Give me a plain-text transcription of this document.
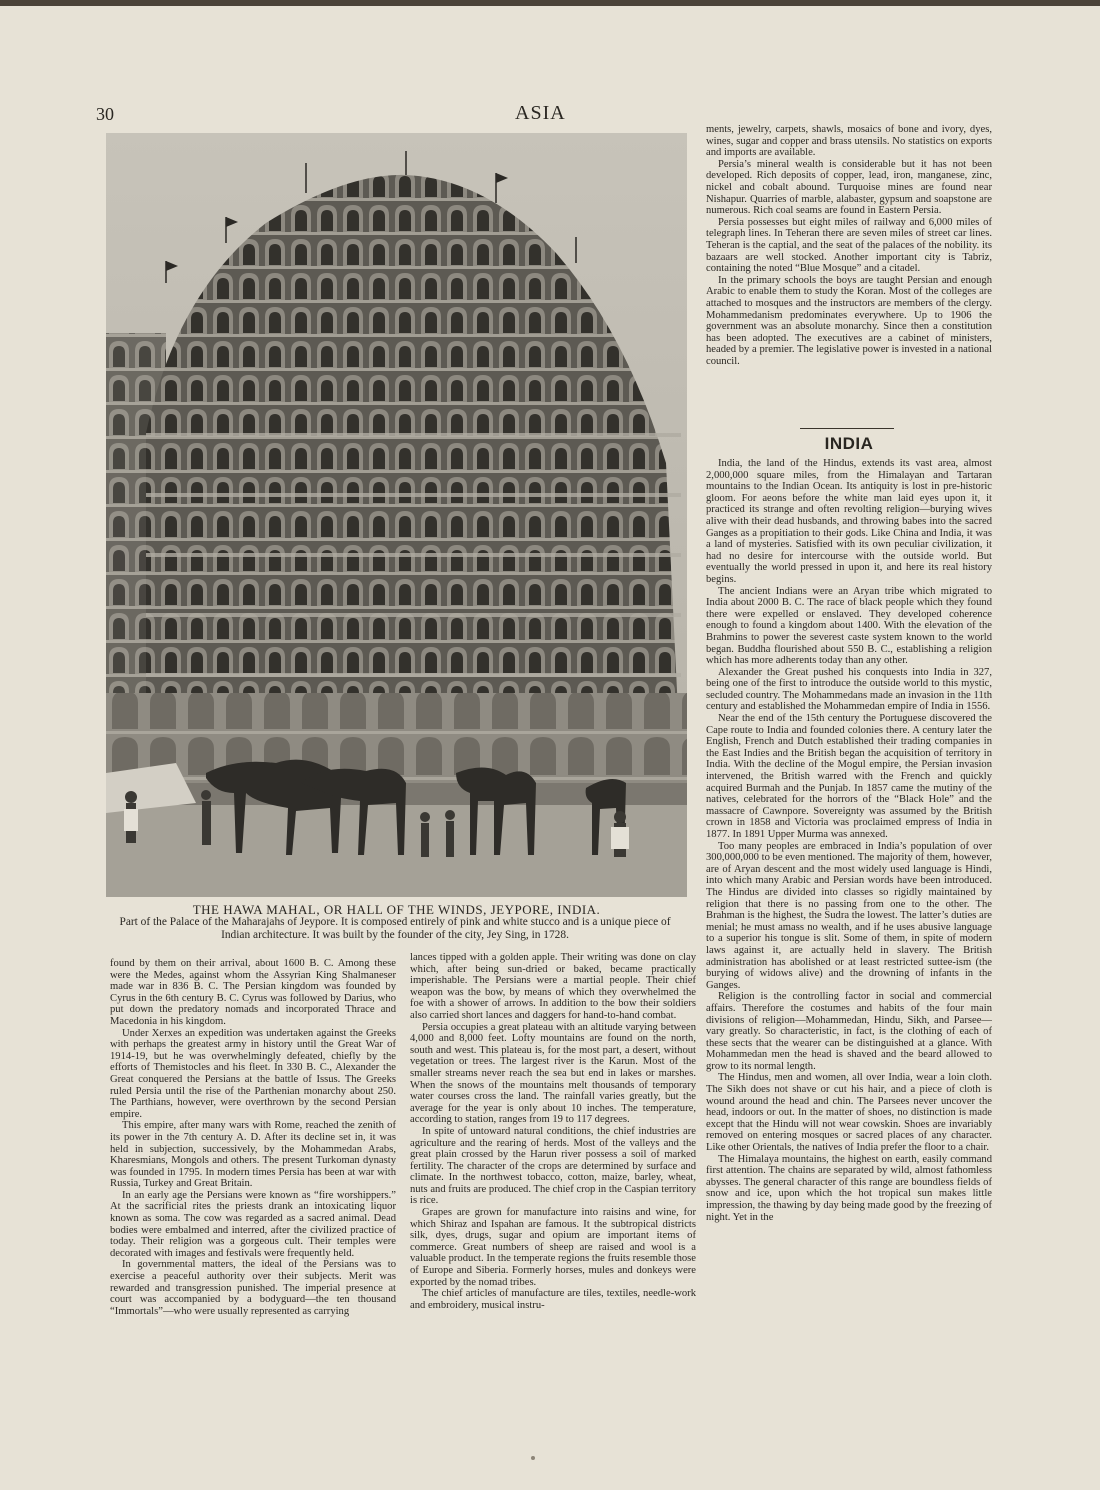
30	ASIA
THE HAWA MAHAL, OR HALL OF THE WINDS, JEYPORE, INDIA.
Part of the Palace of the Maharajahs of Jeypore. It is composed entirely of pink and white stucco and is a unique piece of Indian architecture. It was built by the founder of the city, Jey Sing, in 1728.

found by them on their arrival, about 1600 B. C. Among these were the Medes, against whom the Assyrian King Shalmaneser made war in 836 B. C. The Persian kingdom was founded by Cyrus in the 6th century B. C. Cyrus was followed by Darius, who put down the predatory nomads and incorporated Thrace and Macedonia in his kingdom.

Under Xerxes an expedition was undertaken against the Greeks with perhaps the greatest army in history until the Great War of 1914-19, but he was overwhelmingly defeated, chiefly by the efforts of Themistocles and his fleet. In 330 B. C., Alexander the Great conquered the Persians at the battle of Issus. The Greeks ruled Persia until the rise of the Parthenian monarchy about 250. The Parthians, however, were overthrown by the second Persian empire.

This empire, after many wars with Rome, reached the zenith of its power in the 7th century A. D. After its decline set in, it was held in subjection, successively, by the Mohammedan Arabs, Kharesmians, Mongols and others. The present Turkoman dynasty was founded in 1795. In modern times Persia has been at war with Russia, Turkey and Great Britain.

In an early age the Persians were known as “fire worshippers.” At the sacrificial rites the priests drank an intoxicating liquor known as soma. The cow was regarded as a sacred animal. Dead bodies were embalmed and interred, after the civilized practice of today. Their religion was a gorgeous cult. Their temples were decorated with images and festivals were frequently held.

In governmental matters, the ideal of the Persians was to exercise a peaceful authority over their subjects. Merit was rewarded and transgression punished. The imperial presence at court was accompanied by a bodyguard—the ten thousand “Immortals”—who were usually represented as carrying

lances tipped with a golden apple. Their writing was done on clay which, after being sun-dried or baked, became practically imperishable. The Persians were a martial people. Their chief weapon was the bow, by means of which they overwhelmed the foe with a shower of arrows. In addition to the bow their soldiers also carried short lances and daggers for hand-to-hand combat.

Persia occupies a great plateau with an altitude varying between 4,000 and 8,000 feet. Lofty mountains are found on the north, south and west. This plateau is, for the most part, a desert, without vegetation or trees. The largest river is the Karun. Most of the smaller streams never reach the sea but end in lakes or marshes. When the snows of the mountains melt thousands of temporary water courses cross the land. The rainfall varies greatly, but the average for the year is only about 10 inches. The temperature, according to station, ranges from 19 to 117 degrees.

In spite of untoward natural conditions, the chief industries are agriculture and the rearing of herds. Most of the valleys and the great plain crossed by the Harun river possess a soil of marked fertility. The character of the crops are determined by surface and climate. In the northwest tobacco, cotton, maize, barley, wheat, nuts and fruits are produced. The chief crop in the Caspian territory is rice.

Grapes are grown for manufacture into raisins and wine, for which Shiraz and Ispahan are famous. It the subtropical districts silk, dyes, drugs, sugar and opium are important items of commerce. Great numbers of sheep are raised and wool is a valuable product. In the temperate regions the fruits resemble those of Europe and Siberia. Formerly horses, mules and donkeys were exported by the nomad tribes.

The chief articles of manufacture are tiles, textiles, needle-work and embroidery, musical instru-

ments, jewelry, carpets, shawls, mosaics of bone and ivory, dyes, wines, sugar and copper and brass utensils. No statistics on exports and imports are available.

Persia’s mineral wealth is considerable but it has not been developed. Rich deposits of copper, lead, iron, manganese, zinc, nickel and cobalt abound. Turquoise mines are found near Nishapur. Quarries of marble, alabaster, gypsum and soapstone are numerous. Rich coal seams are found in Eastern Persia.

Persia possesses but eight miles of railway and 6,000 miles of telegraph lines. In Teheran there are seven miles of street car lines. Teheran is the captial, and the seat of the palaces of the nobility. its bazaars are well stocked. Another important city is Tabriz, containing the noted “Blue Mosque” and a citadel.

In the primary schools the boys are taught Persian and enough Arabic to enable them to study the Koran. Most of the colleges are attached to mosques and the instructors are members of the clergy. Mohammedanism predominates everywhere. Up to 1906 the government was an absolute monarchy. Since then a constitution has been adopted. The executives are a cabinet of ministers, headed by a premier. The legislative power is invested in a national council.

INDIA

India, the land of the Hindus, extends its vast area, almost 2,000,000 square miles, from the Himalayan and Tartaran mountains to the Indian Ocean. Its antiquity is lost in pre-historic gloom. For aeons before the white man laid eyes upon it, it practiced its strange and often revolting religion—burying wives alive with their dead husbands, and throwing babes into the sacred Ganges as a propitiation to their gods. Like China and India, it was a land of mysteries. Satisfied with its own peculiar civilization, it had no desire for intercourse with the outside world. But eventually the world pressed in upon it, and here its real history begins.

The ancient Indians were an Aryan tribe which migrated to India about 2000 B. C. The race of black people which they found there were expelled or enslaved. They developed coherence enough to found a kingdom about 1400. With the elevation of the Brahmins to power the severest caste system known to the world began. Buddha flourished about 550 B. C., establishing a religion which has more adherents today than any other.

Alexander the Great pushed his conquests into India in 327, being one of the first to introduce the outside world to this mystic, secluded country. The Mohammedans made an invasion in the 11th century and established the Mohammedan empire of India in 1556.

Near the end of the 15th century the Portuguese discovered the Cape route to India and founded colonies there. A century later the English, French and Dutch established their trading companies in the East Indies and the British began the acquisition of territory in India. With the decline of the Mogul empire, the Persian invasion intervened, the British warred with the French and quickly acquired Burmah and the Punjab. In 1857 came the mutiny of the natives, celebrated for the horrors of the “Black Hole” and the massacre of Cawnpore. Sovereignty was assumed by the British crown in 1858 and Victoria was proclaimed empress of India in 1877. In 1891 Upper Murma was annexed.

Too many peoples are embraced in India’s population of over 300,000,000 to be even mentioned. The majority of them, however, are of Aryan descent and the most widely used language is Hindi, into which many Arabic and Persian words have been introduced. The Hindus are divided into classes so rigidly maintained by religion that there is no passing from one to the other. The Brahman is the highest, the Sudra the lowest. The latter’s duties are menial; he must amass no wealth, and if he uses abusive language to a superior his tongue is slit. Some of them, in spite of modern laws against it, are actually held in slavery. The British administration has abolished or at least restricted suttee-ism (the burying of widows alive) and the drowning of infants in the Ganges.

Religion is the controlling factor in social and commercial affairs. Therefore the costumes and habits of the four main divisions of religion—Mohammedan, Hindu, Sikh, and Parsee—vary greatly. So characteristic, in fact, is the clothing of each of these sects that the wearer can be distinguished at a glance. With Mohammedan men the head is shaved and the beard allowed to grow to its normal length.

The Hindus, men and women, all over India, wear a loin cloth. The Sikh does not shave or cut his hair, and a piece of cloth is wound around the head and chin. The Parsees never uncover the head, indoors or out. In the matter of shoes, no distinction is made except that the Hindu will not wear cowskin. Shoes are invariably removed on entering mosques or sacred places of any character. Like other Orientals, the natives of India prefer the floor to a chair.

The Himalaya mountains, the highest on earth, easily command first attention. The chains are separated by wild, almost fathomless abysses. The general character of this range are boundless fields of snow and ice, upon which the hot tropical sun makes little impression, the thawing by day being made good by the freezing of night. Yet in the
